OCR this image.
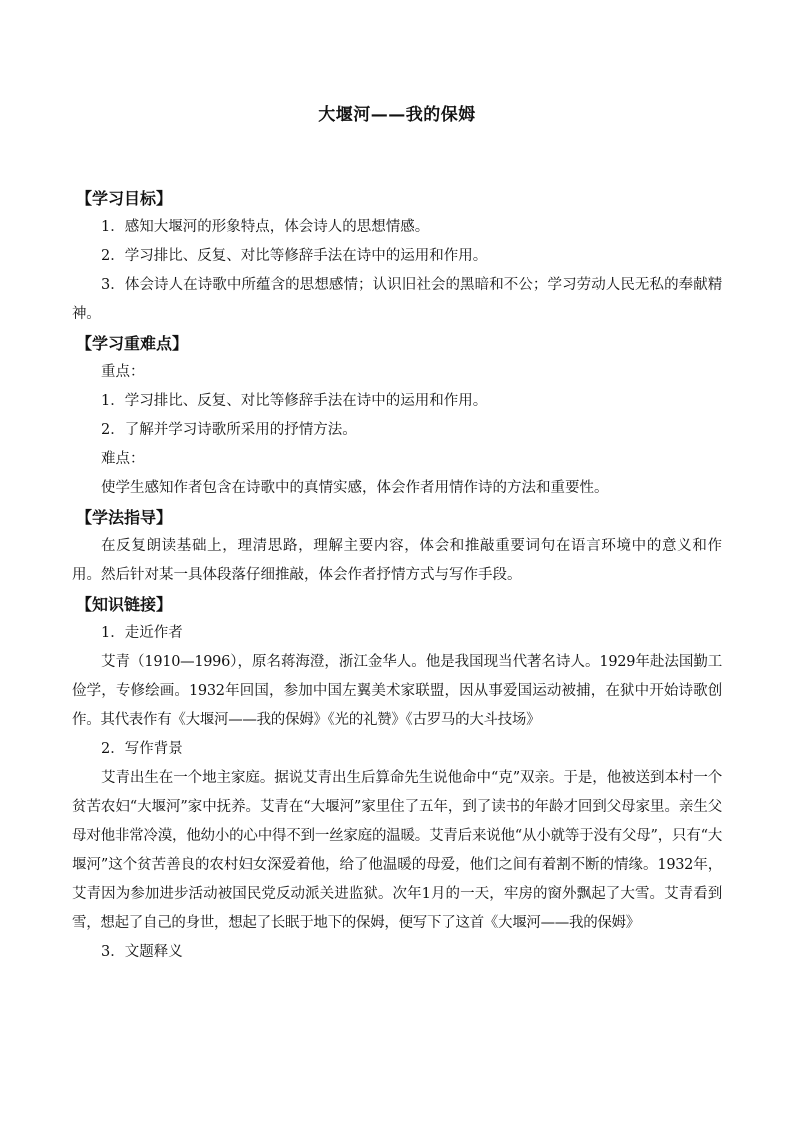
大堰河——我的保姆
【学习目标】

1．感知大堰河的形象特点，体会诗人的思想情感。

2．学习排比、反复、对比等修辞手法在诗中的运用和作用。

3．体会诗人在诗歌中所蕴含的思想感情；认识旧社会的黑暗和不公；学习劳动人民无私的奉献精神。

【学习重难点】

重点：

1．学习排比、反复、对比等修辞手法在诗中的运用和作用。

2．了解并学习诗歌所采用的抒情方法。

难点：

使学生感知作者包含在诗歌中的真情实感，体会作者用情作诗的方法和重要性。

【学法指导】

在反复朗读基础上，理清思路，理解主要内容，体会和推敲重要词句在语言环境中的意义和作用。然后针对某一具体段落仔细推敲，体会作者抒情方式与写作手段。

【知识链接】

1．走近作者

艾青（1910—1996），原名蒋海澄，浙江金华人。他是我国现当代著名诗人。1929年赴法国勤工俭学，专修绘画。1932年回国，参加中国左翼美术家联盟，因从事爱国运动被捕，在狱中开始诗歌创作。其代表作有《大堰河——我的保姆》《光的礼赞》《古罗马的大斗技场》

2．写作背景

艾青出生在一个地主家庭。据说艾青出生后算命先生说他命中“克”双亲。于是，他被送到本村一个贫苦农妇“大堰河”家中抚养。艾青在“大堰河”家里住了五年，到了读书的年龄才回到父母家里。亲生父母对他非常冷漠，他幼小的心中得不到一丝家庭的温暖。艾青后来说他“从小就等于没有父母”，只有“大堰河”这个贫苦善良的农村妇女深爱着他，给了他温暖的母爱，他们之间有着割不断的情缘。1932年，艾青因为参加进步活动被国民党反动派关进监狱。次年1月的一天，牢房的窗外飘起了大雪。艾青看到雪，想起了自己的身世，想起了长眠于地下的保姆，便写下了这首《大堰河——我的保姆》

3．文题释义
